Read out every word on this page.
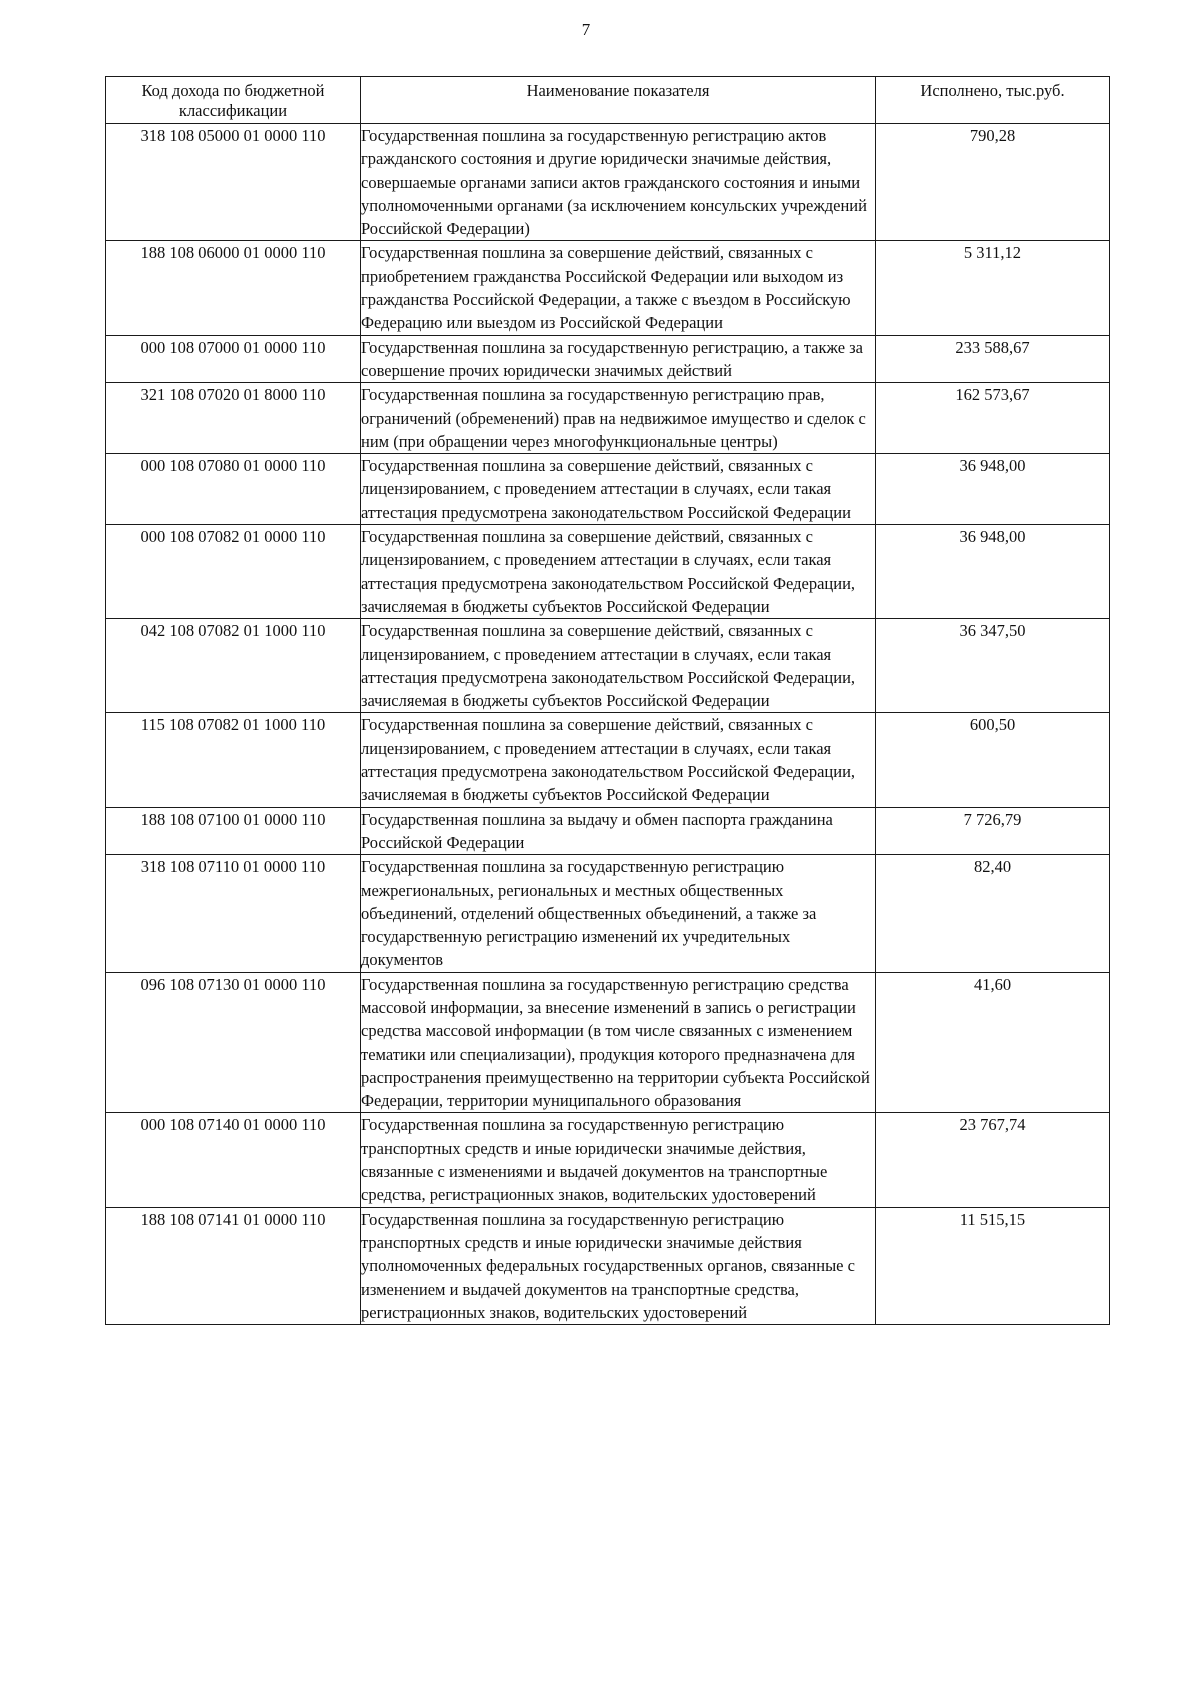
7
Код дохода по бюджетной классификации	Наименование показателя	Исполнено, тыс.руб.
318 108 05000 01 0000 110	Государственная пошлина за государственную регистрацию актов гражданского состояния и другие юридически значимые действия, совершаемые органами записи актов гражданского состояния и иными уполномоченными органами (за исключением консульских учреждений Российской Федерации)	790,28
188 108 06000 01 0000 110	Государственная пошлина за совершение действий, связанных с приобретением гражданства Российской Федерации или выходом из гражданства Российской Федерации, а также с въездом в Российскую Федерацию или выездом из Российской Федерации	5 311,12
000 108 07000 01 0000 110	Государственная пошлина за государственную регистрацию, а также за совершение прочих юридически значимых действий	233 588,67
321 108 07020 01 8000 110	Государственная пошлина за государственную регистрацию прав, ограничений (обременений) прав на недвижимое имущество и сделок с ним (при обращении через многофункциональные центры)	162 573,67
000 108 07080 01 0000 110	Государственная пошлина за совершение действий, связанных с лицензированием, с проведением аттестации в случаях, если такая аттестация предусмотрена законодательством Российской Федерации	36 948,00
000 108 07082 01 0000 110	Государственная пошлина за совершение действий, связанных с лицензированием, с проведением аттестации в случаях, если такая аттестация предусмотрена законодательством Российской Федерации, зачисляемая в бюджеты субъектов Российской Федерации	36 948,00
042 108 07082 01 1000 110	Государственная пошлина за совершение действий, связанных с лицензированием, с проведением аттестации в случаях, если такая аттестация предусмотрена законодательством Российской Федерации, зачисляемая в бюджеты субъектов Российской Федерации	36 347,50
115 108 07082 01 1000 110	Государственная пошлина за совершение действий, связанных с лицензированием, с проведением аттестации в случаях, если такая аттестация предусмотрена законодательством Российской Федерации, зачисляемая в бюджеты субъектов Российской Федерации	600,50
188 108 07100 01 0000 110	Государственная пошлина за выдачу и обмен паспорта гражданина Российской Федерации	7 726,79
318 108 07110 01 0000 110	Государственная пошлина за государственную регистрацию межрегиональных, региональных и местных общественных объединений, отделений общественных объединений, а также за государственную регистрацию изменений их учредительных документов	82,40
096 108 07130 01 0000 110	Государственная пошлина за государственную регистрацию средства массовой информации, за внесение изменений в запись о регистрации средства массовой информации (в том числе связанных с изменением тематики или специализации), продукция которого предназначена для распространения преимущественно на территории субъекта Российской Федерации, территории муниципального образования	41,60
000 108 07140 01 0000 110	Государственная пошлина за государственную регистрацию транспортных средств и иные юридически значимые действия, связанные с изменениями и выдачей документов на транспортные средства, регистрационных знаков, водительских удостоверений	23 767,74
188 108 07141 01 0000 110	Государственная пошлина за государственную регистрацию транспортных средств и иные юридически значимые действия уполномоченных федеральных государственных органов, связанные с изменением и выдачей документов на транспортные средства, регистрационных знаков, водительских удостоверений	11 515,15
